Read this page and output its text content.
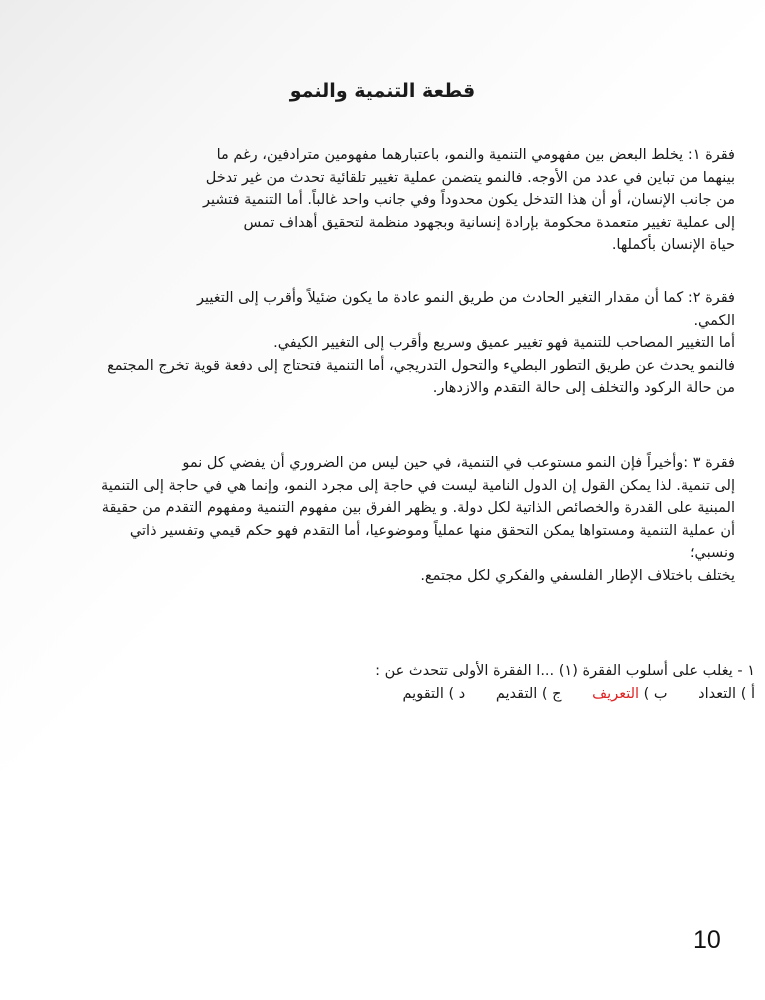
قطعة التنمية والنمو
فقرة ١: يخلط البعض بين مفهومي التنمية والنمو، باعتبارهما مفهومين مترادفين، رغم ما
بينهما من تباين في عدد من الأوجه. فالنمو يتضمن عملية تغيير تلقائية تحدث من غير تدخل
من جانب الإنسان، أو أن هذا التدخل يكون محدوداً وفي جانب واحد غالباً. أما التنمية فتشير
إلى عملية تغيير متعمدة محكومة بإرادة إنسانية وبجهود منظمة لتحقيق أهداف تمس
حياة الإنسان بأكملها.
فقرة ٢: كما أن مقدار التغير الحادث من طريق النمو عادة ما يكون ضئيلاً وأقرب إلى التغيير
الكمي.
أما التغيير المصاحب للتنمية فهو تغيير عميق وسريع وأقرب إلى التغيير الكيفي.
فالنمو يحدث عن طريق التطور البطيء والتحول التدريجي، أما التنمية فتحتاج إلى دفعة قوية تخرج المجتمع
من حالة الركود والتخلف إلى حالة التقدم والازدهار.
فقرة ٣ :وأخيراً فإن النمو مستوعب في التنمية، في حين ليس من الضروري أن يفضي كل نمو
إلى تنمية. لذا يمكن القول إن الدول النامية ليست في حاجة إلى مجرد النمو، وإنما هي في حاجة إلى التنمية
المبنية على القدرة والخصائص الذاتية لكل دولة. و يظهر الفرق بين مفهوم التنمية ومفهوم التقدم من حقيقة
أن عملية التنمية ومستواها يمكن التحقق منها عملياً وموضوعيا، أما التقدم فهو حكم قيمي وتفسير ذاتي
ونسبي؛
يختلف باختلاف الإطار الفلسفي والفكري لكل مجتمع.
١ - يغلب على أسلوب الفقرة (١) ...ا الفقرة الأولى تتحدث عن :
أ ) التعداد ب ) التعريف ج ) التقديم د ) التقويم
10
